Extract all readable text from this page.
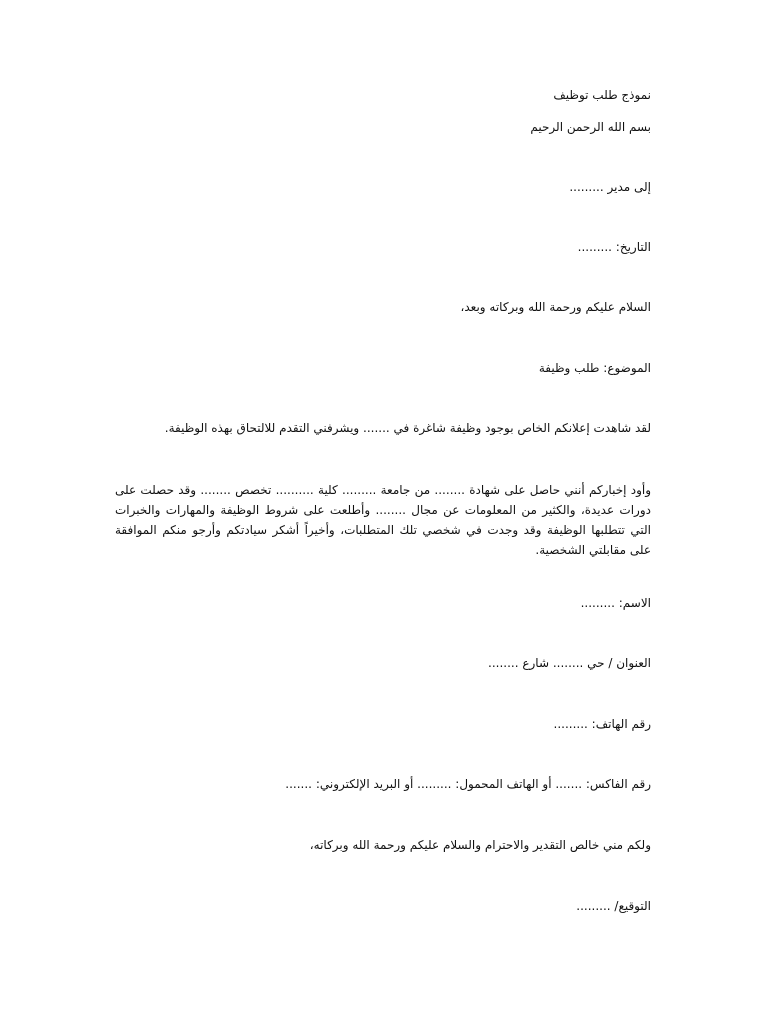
نموذج طلب توظيف

بسم الله الرحمن الرحيم

إلى مدير .........

التاريخ: .........

السلام عليكم ورحمة الله وبركاته وبعد،

الموضوع: طلب وظيفة

لقد شاهدت إعلانكم الخاص بوجود وظيفة شاغرة في ....... ويشرفني التقدم للالتحاق بهذه الوظيفة.

وأود إخباركم أنني حاصل على شهادة ........ من جامعة ......... كلية .......... تخصص ........ وقد حصلت على دورات عديدة، والكثير من المعلومات عن مجال ........ وأطلعت على شروط الوظيفة والمهارات والخبرات التي تتطلبها الوظيفة وقد وجدت في شخصي تلك المتطلبات، وأخيراً أشكر سيادتكم وأرجو منكم الموافقة على مقابلتي الشخصية.

الاسم: .........

العنوان / حي ........ شارع ........

رقم الهاتف: .........

رقم الفاكس: ....... أو الهاتف المحمول: ......... أو البريد الإلكتروني: .......

ولكم مني خالص التقدير والاحترام والسلام عليكم ورحمة الله وبركاته،

التوقيع/ .........
